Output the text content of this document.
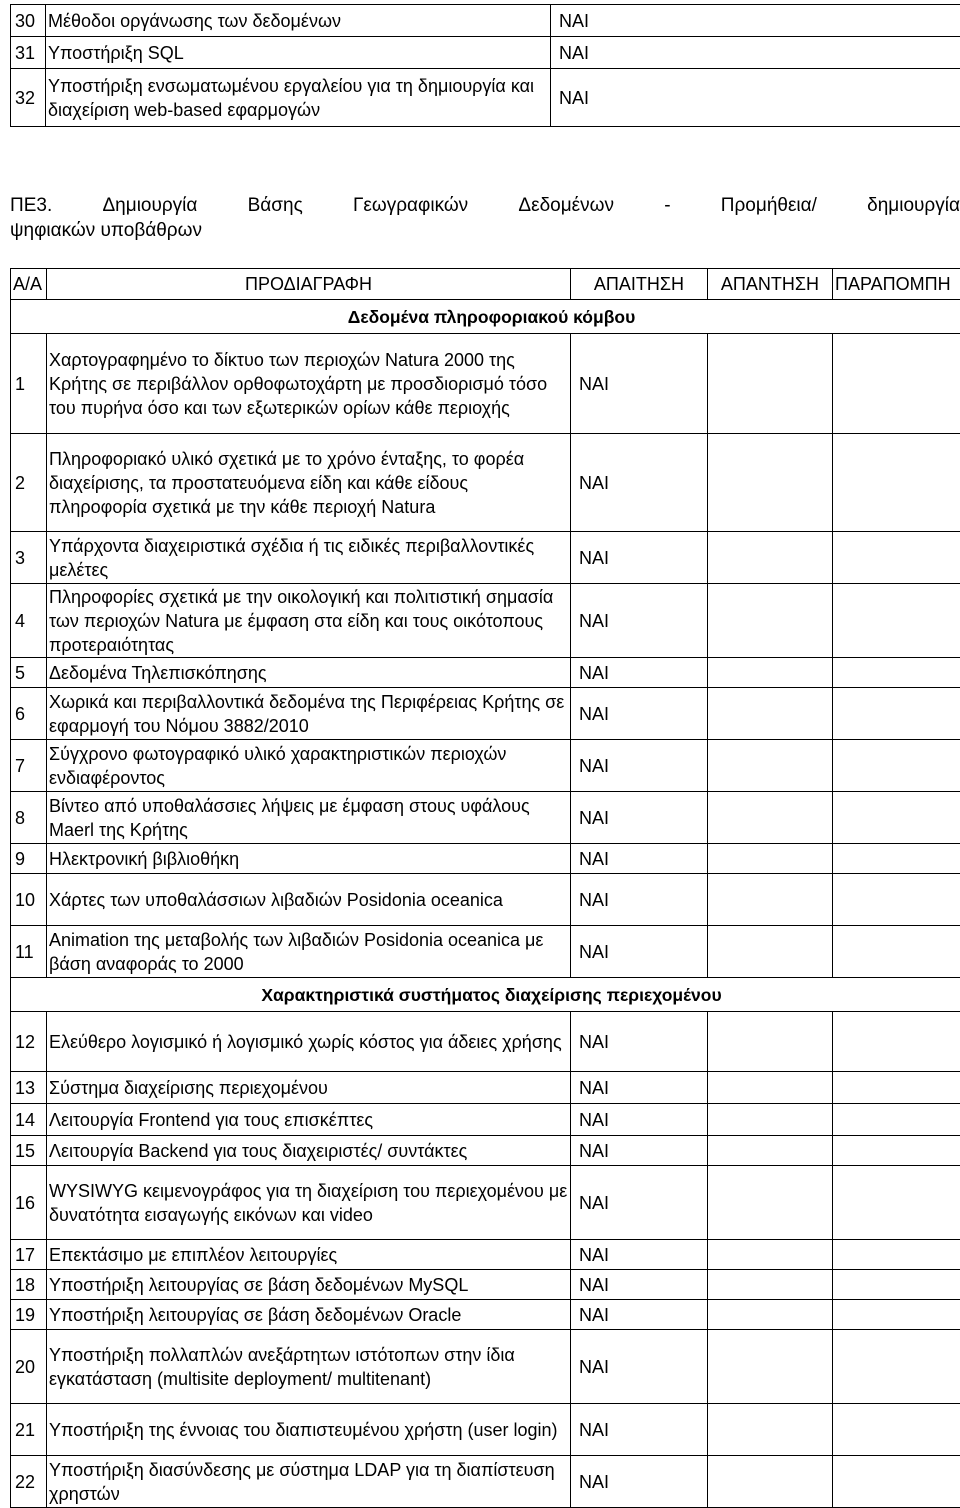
30	Μέθοδοι οργάνωσης των δεδομένων	ΝΑΙ
31	Υποστήριξη SQL	ΝΑΙ
32	Υποστήριξη ενσωματωμένου εργαλείου για τη δημιουργία και διαχείριση web-based εφαρμογών	ΝΑΙ
ΠΕ3.	Δημιουργία	Βάσης	Γεωγραφικών	Δεδομένων	-	Προμήθεια/	δημιουργία
ψηφιακών υποβάθρων
Α/Α	ΠΡΟΔΙΑΓΡΑΦΗ	ΑΠΑΙΤΗΣΗ	ΑΠΑΝΤΗΣΗ	ΠΑΡΑΠΟΜΠΗ
Δεδομένα πληροφοριακού κόμβου				
1	Χαρτογραφημένο το δίκτυο των περιοχών Natura 2000 της Κρήτης σε περιβάλλον ορθοφωτοχάρτη με προσδιορισμό τόσο του πυρήνα όσο και των εξωτερικών ορίων κάθε περιοχής	ΝΑΙ		
2	Πληροφοριακό υλικό σχετικά με το χρόνο ένταξης, το φορέα διαχείρισης, τα προστατευόμενα είδη και κάθε είδους πληροφορία σχετικά με την κάθε περιοχή Natura	ΝΑΙ		
3	Υπάρχοντα διαχειριστικά σχέδια ή τις ειδικές περιβαλλοντικές μελέτες	ΝΑΙ		
4	Πληροφορίες σχετικά με την οικολογική και πολιτιστική σημασία των περιοχών Natura με έμφαση στα είδη και τους οικότοπους προτεραιότητας	ΝΑΙ		
5	Δεδομένα Τηλεπισκόπησης	ΝΑΙ		
6	Χωρικά και περιβαλλοντικά δεδομένα της Περιφέρειας Κρήτης σε εφαρμογή του Νόμου 3882/2010	ΝΑΙ		
7	Σύγχρονο φωτογραφικό υλικό χαρακτηριστικών περιοχών ενδιαφέροντος	ΝΑΙ		
8	Βίντεο από υποθαλάσσιες λήψεις με έμφαση στους υφάλους Maerl της Κρήτης	ΝΑΙ		
9	Ηλεκτρονική βιβλιοθήκη	ΝΑΙ		
10	Χάρτες των υποθαλάσσιων λιβαδιών Posidonia oceanica	ΝΑΙ		
11	Animation της μεταβολής των λιβαδιών Posidonia oceanica με βάση αναφοράς το 2000	ΝΑΙ		
Χαρακτηριστικά συστήματος διαχείρισης περιεχομένου				
12	Ελεύθερο λογισμικό ή λογισμικό χωρίς κόστος για άδειες χρήσης	ΝΑΙ		
13	Σύστημα διαχείρισης περιεχομένου	ΝΑΙ		
14	Λειτουργία Frontend για τους επισκέπτες	ΝΑΙ		
15	Λειτουργία Backend για τους διαχειριστές/ συντάκτες	ΝΑΙ		
16	WYSIWYG κειμενογράφος για τη διαχείριση του περιεχομένου με δυνατότητα εισαγωγής εικόνων και video	ΝΑΙ		
17	Επεκτάσιμο με επιπλέον λειτουργίες	ΝΑΙ		
18	Υποστήριξη λειτουργίας σε βάση δεδομένων MySQL	ΝΑΙ		
19	Υποστήριξη λειτουργίας σε βάση δεδομένων Oracle	ΝΑΙ		
20	Υποστήριξη πολλαπλών ανεξάρτητων ιστότοπων στην ίδια εγκατάσταση (multisite deployment/ multitenant)	ΝΑΙ		
21	Υποστήριξη της έννοιας του διαπιστευμένου χρήστη (user login)	ΝΑΙ		
22	Υποστήριξη διασύνδεσης με σύστημα LDAP για τη διαπίστευση χρηστών	ΝΑΙ		
